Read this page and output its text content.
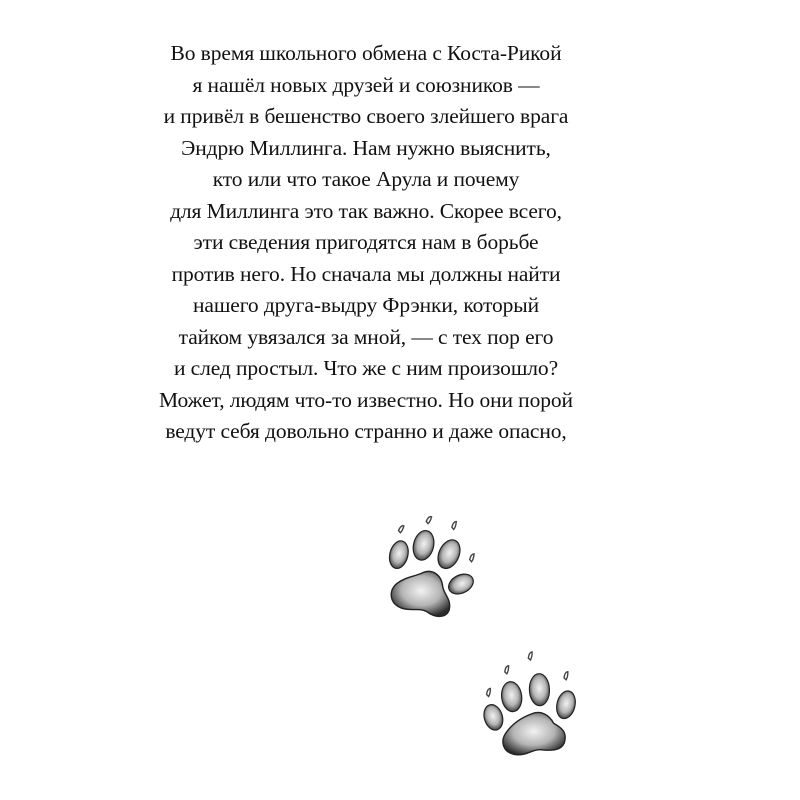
Во время школьного обмена с Коста-Рикой
я нашёл новых друзей и союзников —
и привёл в бешенство своего злейшего врага
Эндрю Миллинга. Нам нужно выяснить,
кто или что такое Арула и почему
для Миллинга это так важно. Скорее всего,
эти сведения пригодятся нам в борьбе
против него. Но сначала мы должны найти
нашего друга-выдру Фрэнки, который
тайком увязался за мной, — с тех пор его
и след простыл. Что же с ним произошло?
Может, людям что-то известно. Но они порой
ведут себя довольно странно и даже опасно,
